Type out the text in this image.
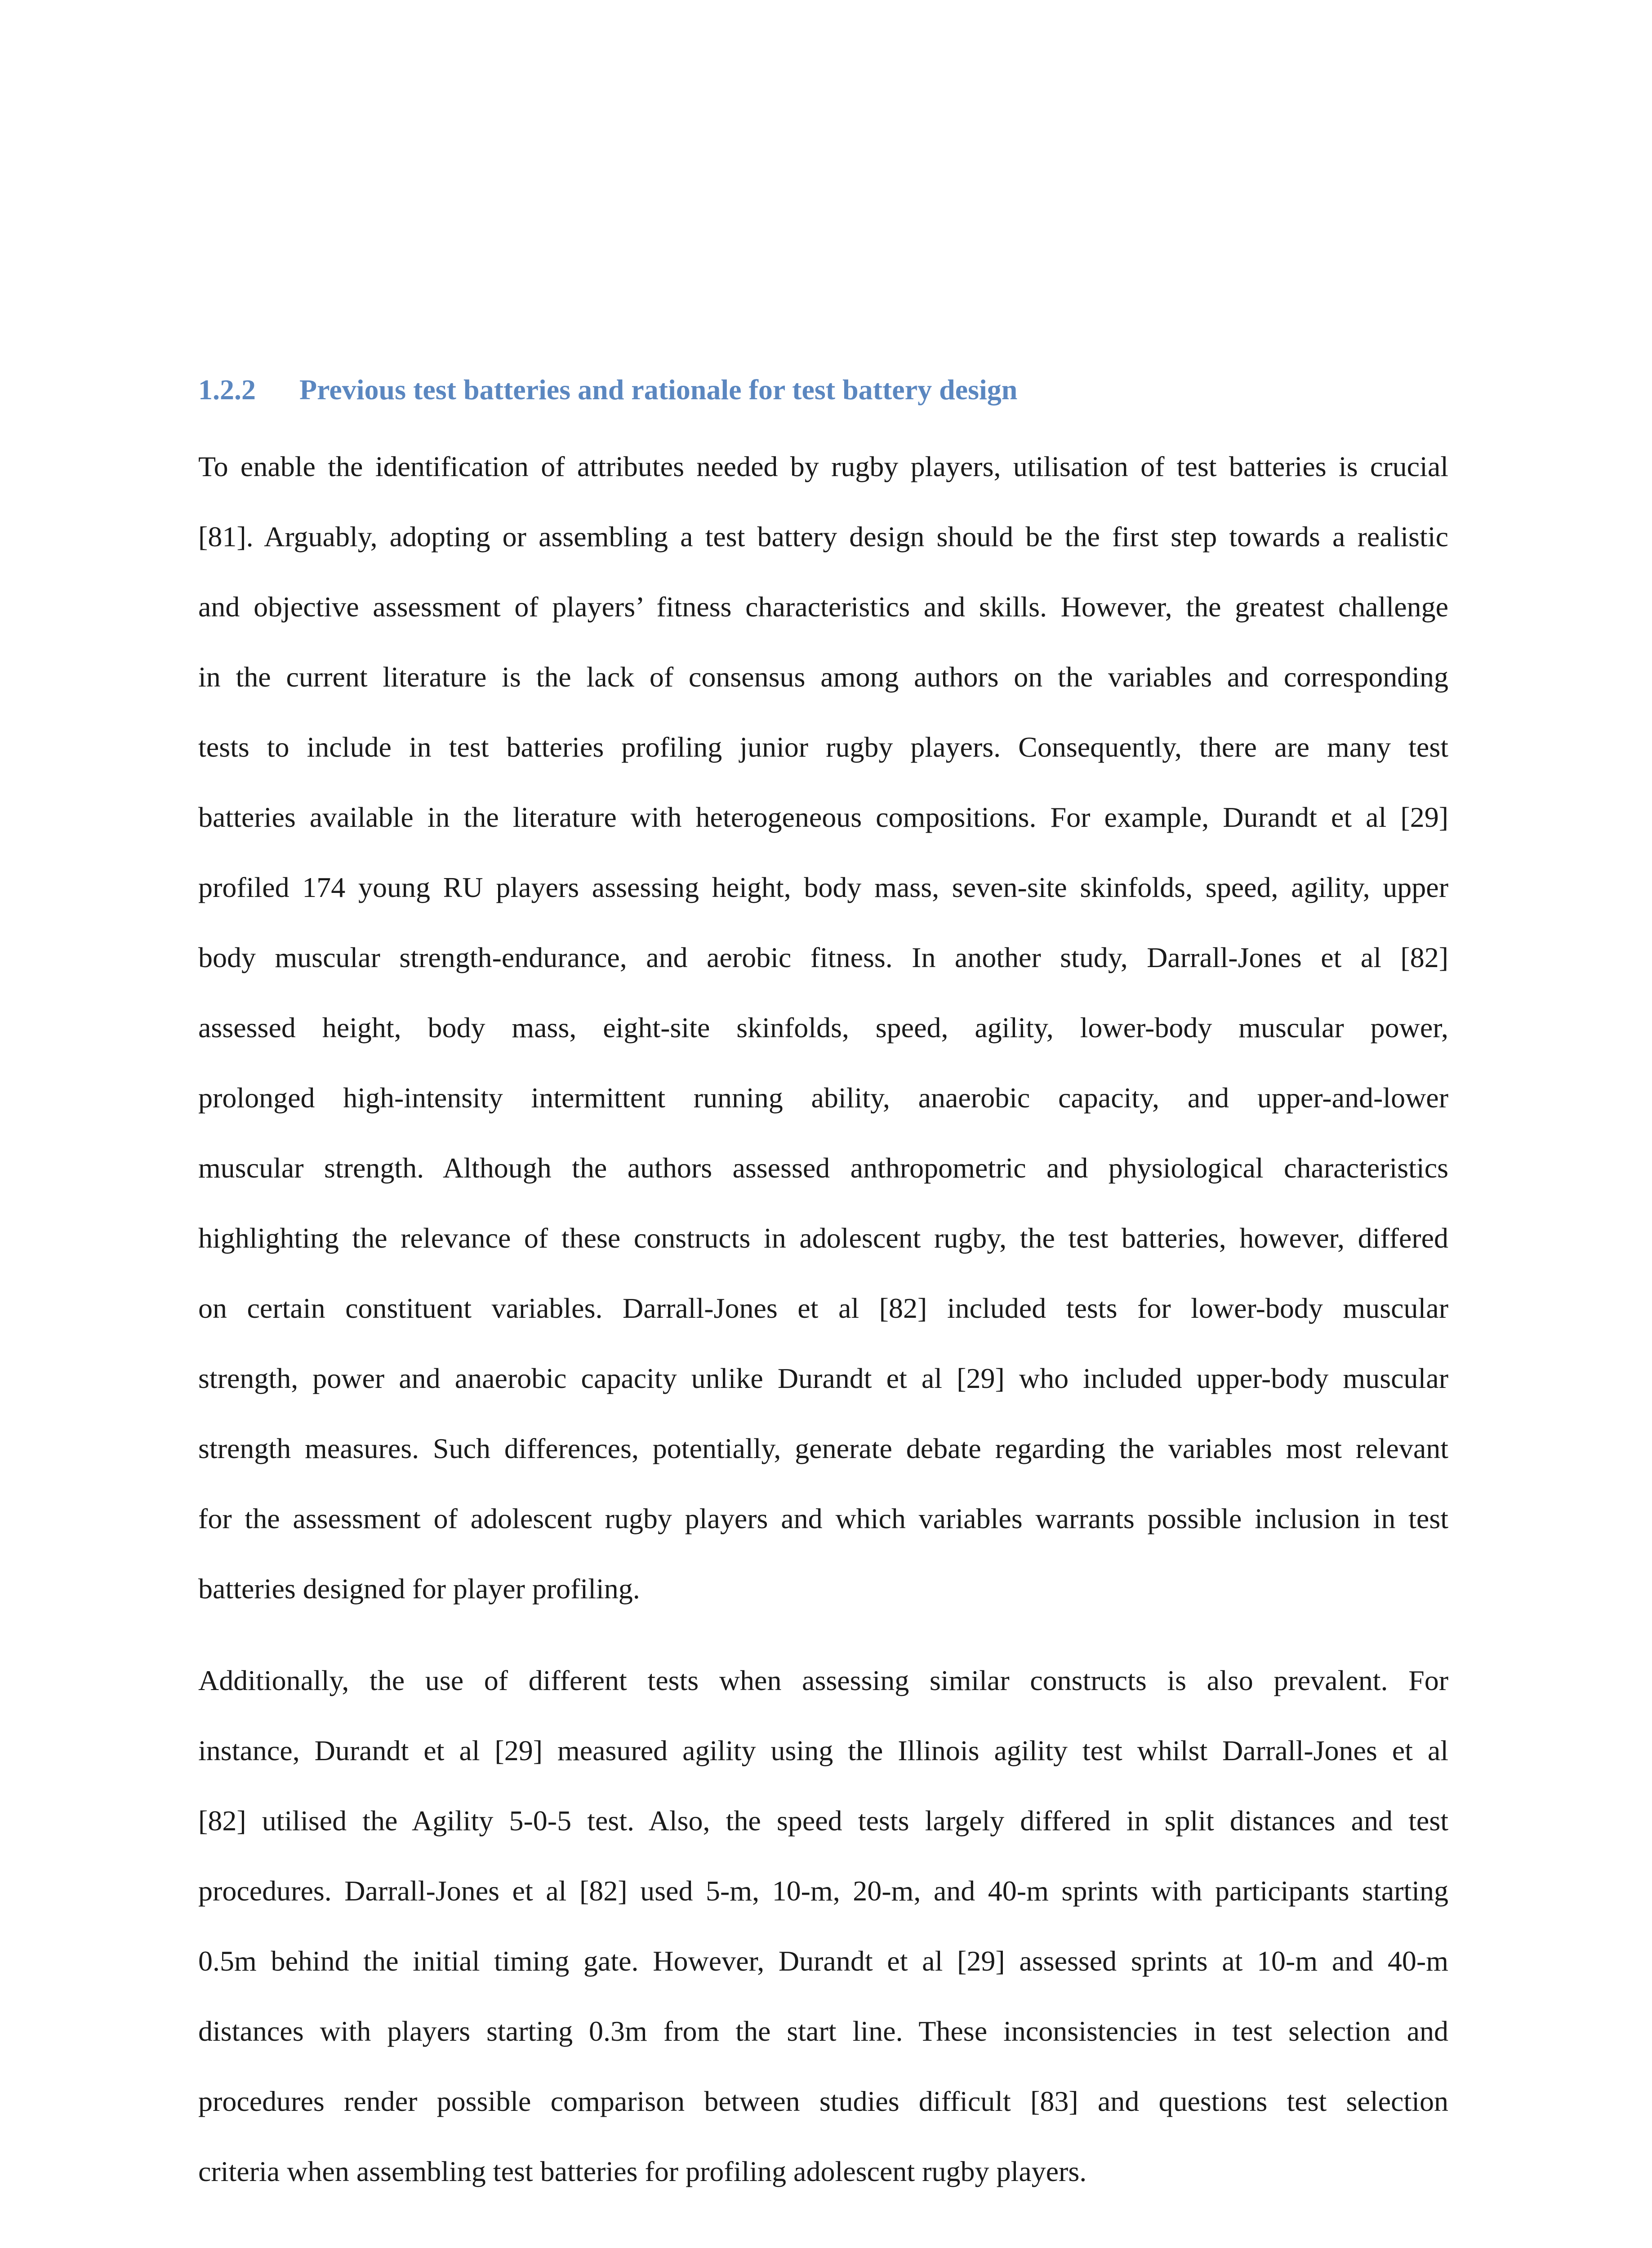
1.2.2 Previous test batteries and rationale for test battery design
To enable the identification of attributes needed by rugby players, utilisation of test batteries is crucial
[81]. Arguably, adopting or assembling a test battery design should be the first step towards a realistic
and objective assessment of players’ fitness characteristics and skills. However, the greatest challenge
in the current literature is the lack of consensus among authors on the variables and corresponding
tests to include in test batteries profiling junior rugby players. Consequently, there are many test
batteries available in the literature with heterogeneous compositions. For example, Durandt et al [29]
profiled 174 young RU players assessing height, body mass, seven-site skinfolds, speed, agility, upper
body muscular strength-endurance, and aerobic fitness. In another study, Darrall-Jones et al [82]
assessed height, body mass, eight-site skinfolds, speed, agility, lower-body muscular power,
prolonged high-intensity intermittent running ability, anaerobic capacity, and upper-and-lower
muscular strength. Although the authors assessed anthropometric and physiological characteristics
highlighting the relevance of these constructs in adolescent rugby, the test batteries, however, differed
on certain constituent variables. Darrall-Jones et al [82] included tests for lower-body muscular
strength, power and anaerobic capacity unlike Durandt et al [29] who included upper-body muscular
strength measures. Such differences, potentially, generate debate regarding the variables most relevant
for the assessment of adolescent rugby players and which variables warrants possible inclusion in test
batteries designed for player profiling.
Additionally, the use of different tests when assessing similar constructs is also prevalent. For
instance, Durandt et al [29] measured agility using the Illinois agility test whilst Darrall-Jones et al
[82] utilised the Agility 5-0-5 test. Also, the speed tests largely differed in split distances and test
procedures. Darrall-Jones et al [82] used 5-m, 10-m, 20-m, and 40-m sprints with participants starting
0.5m behind the initial timing gate. However, Durandt et al [29] assessed sprints at 10-m and 40-m
distances with players starting 0.3m from the start line. These inconsistencies in test selection and
procedures render possible comparison between studies difficult [83] and questions test selection
criteria when assembling test batteries for profiling adolescent rugby players.
